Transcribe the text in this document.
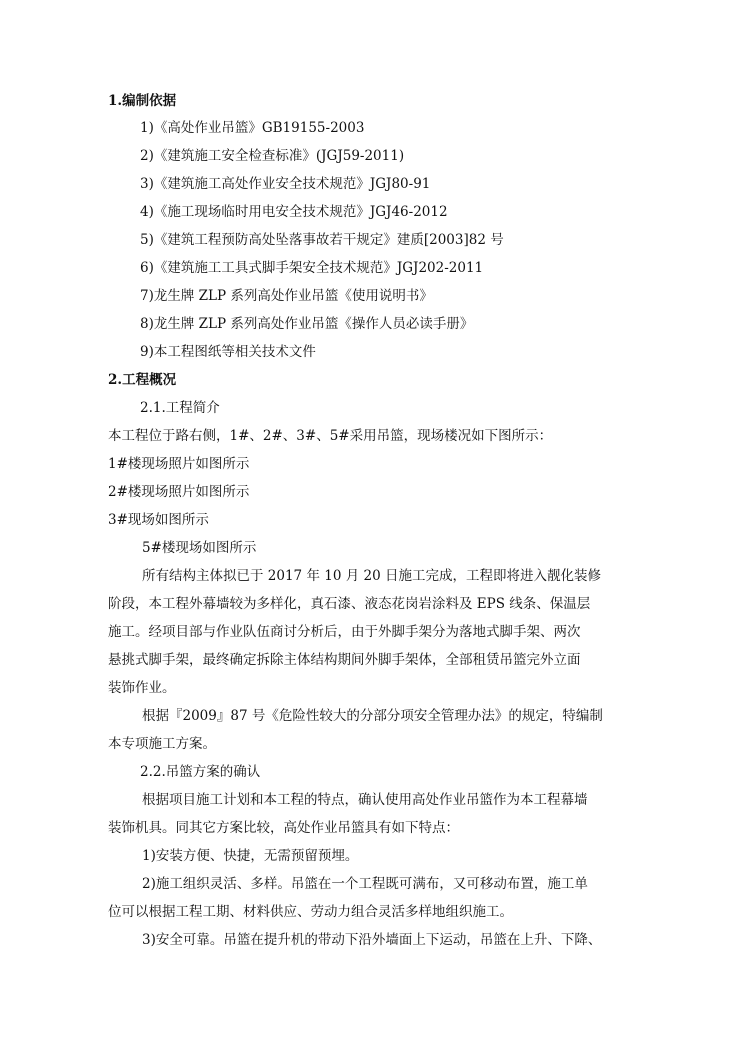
1.编制依据
1)《高处作业吊篮》GB19155-2003
2)《建筑施工安全检查标准》(JGJ59-2011)
3)《建筑施工高处作业安全技术规范》JGJ80-91
4)《施工现场临时用电安全技术规范》JGJ46-2012
5)《建筑工程预防高处坠落事故若干规定》建质[2003]82 号
6)《建筑施工工具式脚手架安全技术规范》JGJ202-2011
7)龙生牌 ZLP 系列高处作业吊篮《使用说明书》
8)龙生牌 ZLP 系列高处作业吊篮《操作人员必读手册》
9)本工程图纸等相关技术文件
2.工程概况
2.1.工程简介
本工程位于路右侧，1#、2#、3#、5#采用吊篮，现场楼况如下图所示：
1#楼现场照片如图所示
2#楼现场照片如图所示
3#现场如图所示
5#楼现场如图所示
所有结构主体拟已于 2017 年 10 月 20 日施工完成，工程即将进入靓化装修
阶段，本工程外幕墙较为多样化，真石漆、液态花岗岩涂料及 EPS 线条、保温层
施工。经项目部与作业队伍商讨分析后，由于外脚手架分为落地式脚手架、两次
悬挑式脚手架，最终确定拆除主体结构期间外脚手架体，全部租赁吊篮完外立面
装饰作业。
根据『2009』87 号《危险性较大的分部分项安全管理办法》的规定，特编制
本专项施工方案。
2.2.吊篮方案的确认
根据项目施工计划和本工程的特点，确认使用高处作业吊篮作为本工程幕墙
装饰机具。同其它方案比较，高处作业吊篮具有如下特点：
1)安装方便、快捷，无需预留预埋。
2)施工组织灵活、多样。吊篮在一个工程既可满布，又可移动布置，施工单
位可以根据工程工期、材料供应、劳动力组合灵活多样地组织施工。
3)安全可靠。吊篮在提升机的带动下沿外墙面上下运动，吊篮在上升、下降、
